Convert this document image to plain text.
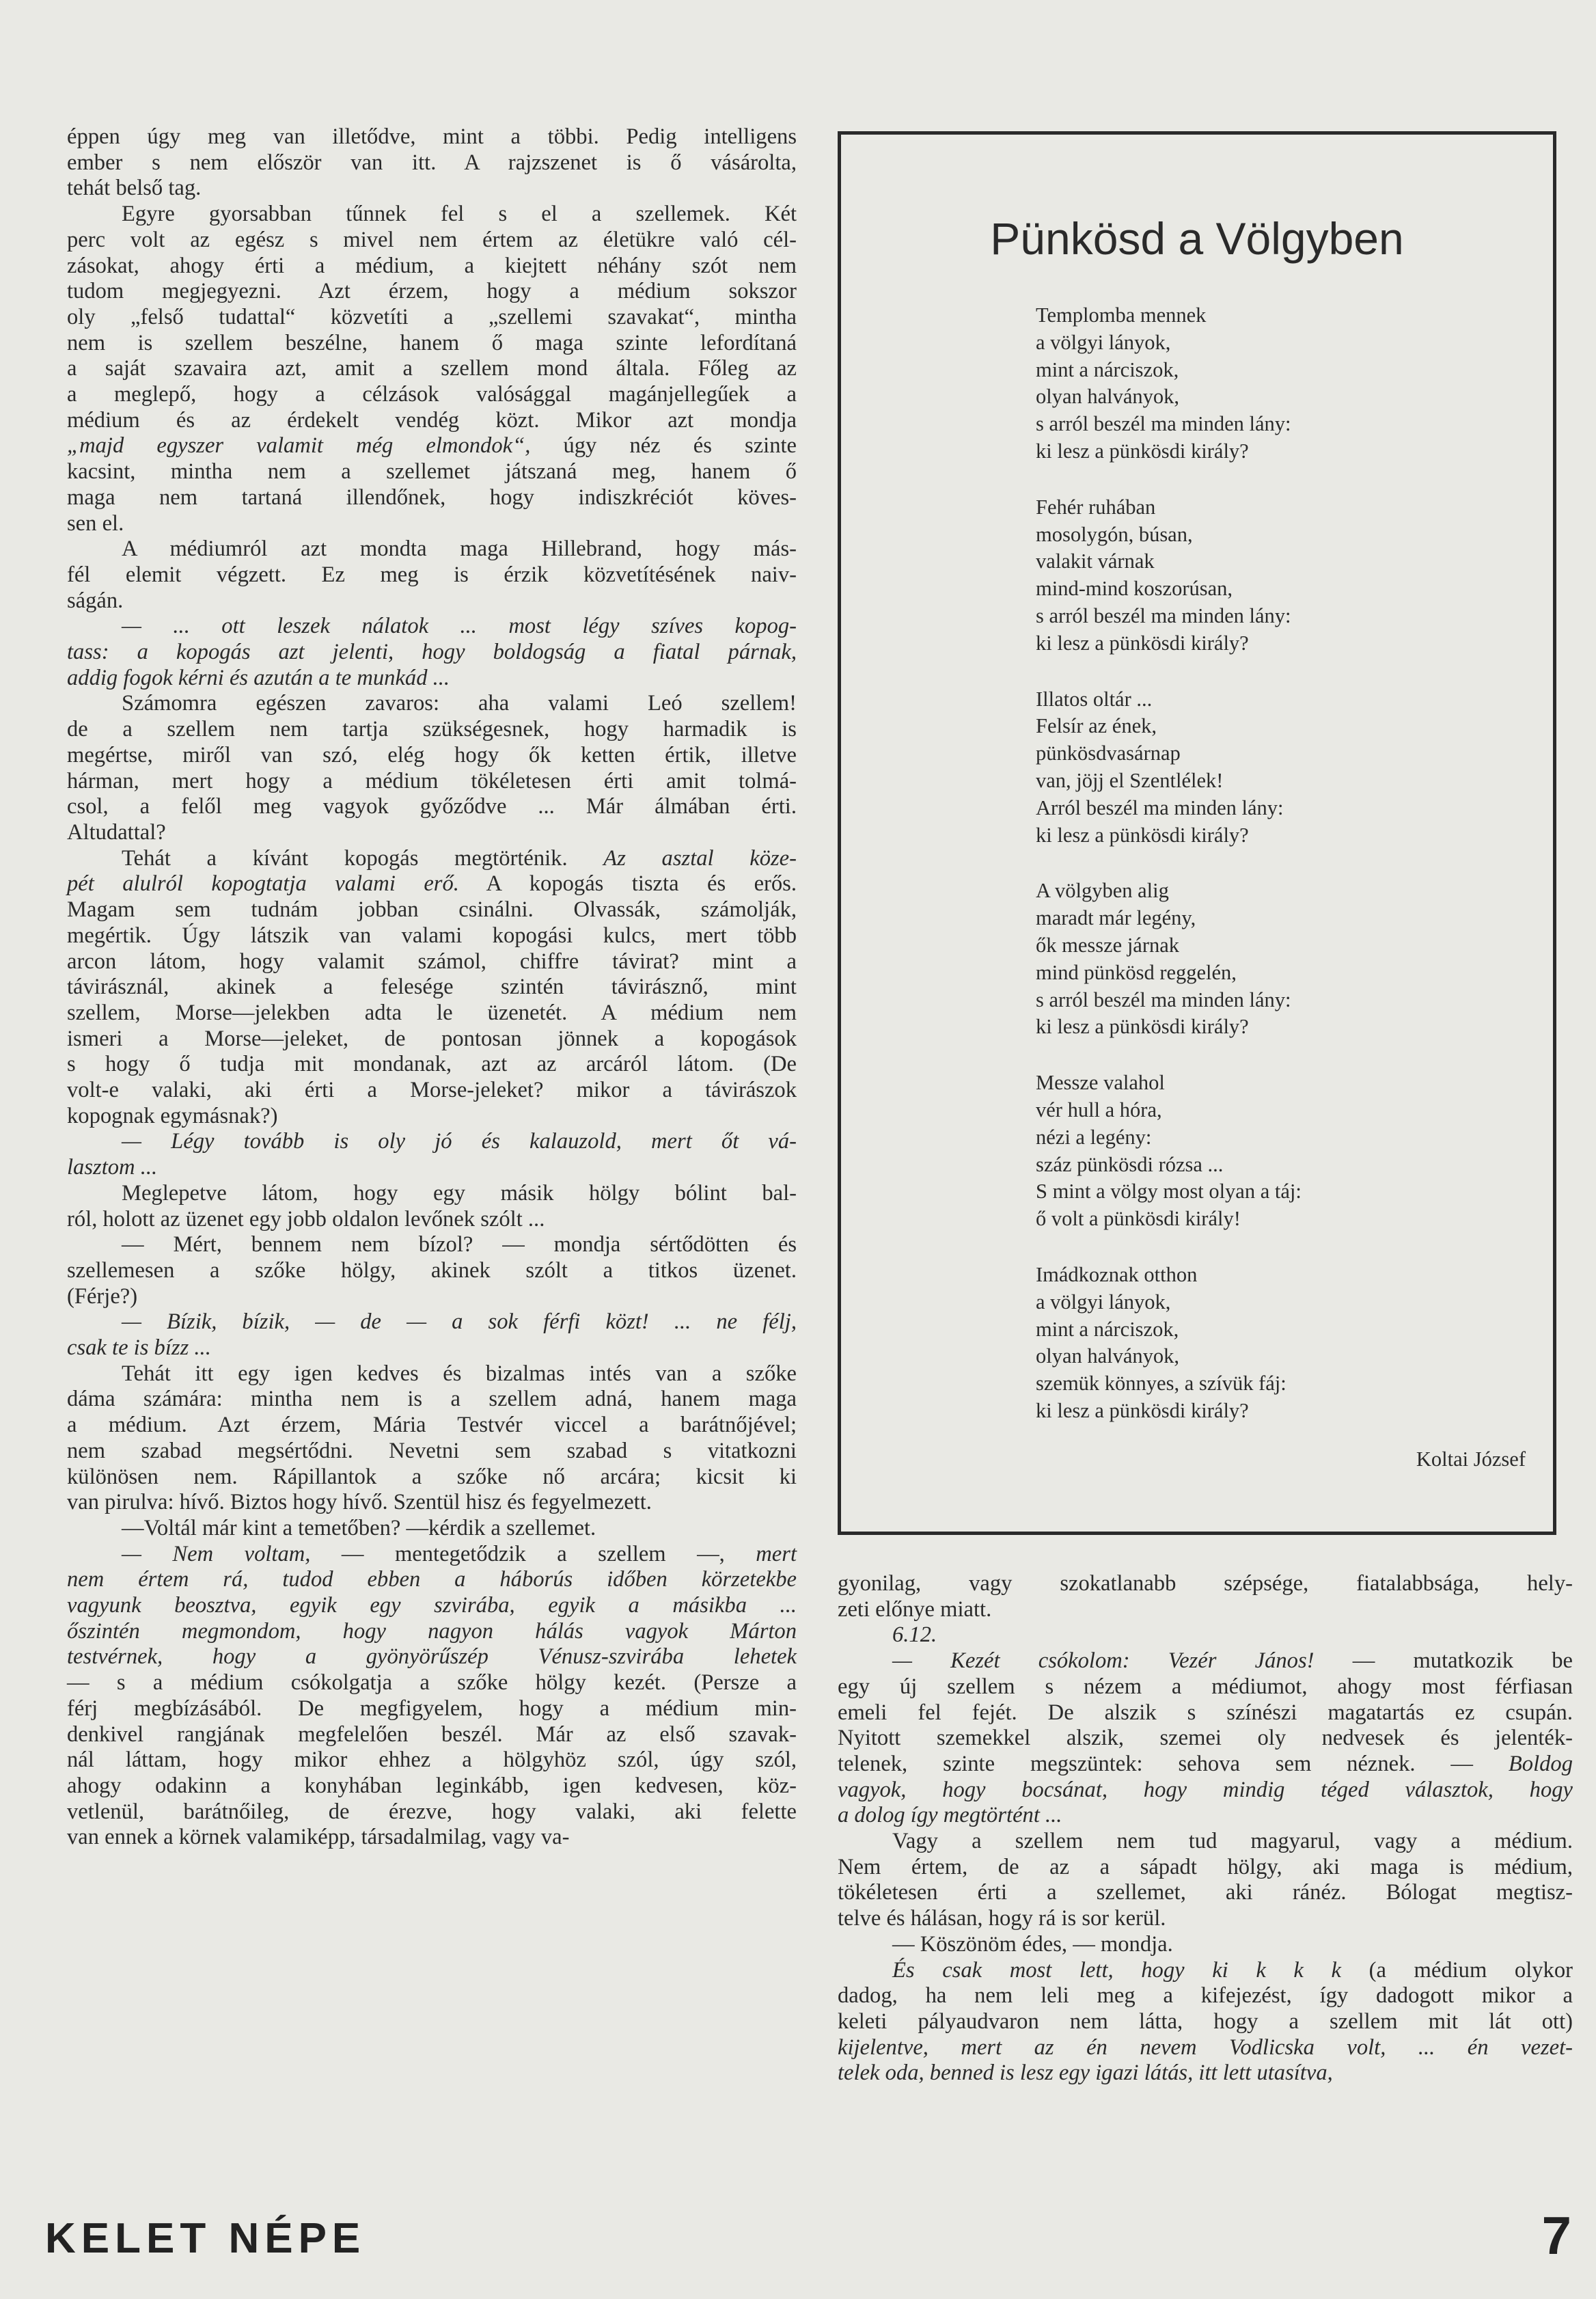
éppen úgy meg van illetődve, mint a többi. Pedig intelligens
ember s nem először van itt. A rajzszenet is ő vásárolta,
tehát belső tag.

Egyre gyorsabban tűnnek fel s el a szellemek. Két
perc volt az egész s mivel nem értem az életükre való cél-
zásokat, ahogy érti a médium, a kiejtett néhány szót nem
tudom megjegyezni. Azt érzem, hogy a médium sokszor
oly „felső tudattal“ közvetíti a „szellemi szavakat“, mintha
nem is szellem beszélne, hanem ő maga szinte lefordítaná
a saját szavaira azt, amit a szellem mond általa. Főleg az
a meglepő, hogy a célzások valósággal magánjellegűek a
médium és az érdekelt vendég közt. Mikor azt mondja
„majd egyszer valamit még elmondok“, úgy néz és szinte
kacsint, mintha nem a szellemet játszaná meg, hanem ő
maga nem tartaná illendőnek, hogy indiszkréciót köves-
sen el.

A médiumról azt mondta maga Hillebrand, hogy más-
fél elemit végzett. Ez meg is érzik közvetítésének naiv-
ságán.

— ... ott leszek nálatok ... most légy szíves kopog-
tass: a kopogás azt jelenti, hogy boldogság a fiatal párnak,
addig fogok kérni és azután a te munkád ...

Számomra egészen zavaros: aha valami Leó szellem!
de a szellem nem tartja szükségesnek, hogy harmadik is
megértse, miről van szó, elég hogy ők ketten értik, illetve
hárman, mert hogy a médium tökéletesen érti amit tolmá-
csol, a felől meg vagyok győződve ... Már álmában érti.
Altudattal?

Tehát a kívánt kopogás megtörténik. Az asztal köze-
pét alulról kopogtatja valami erő. A kopogás tiszta és erős.
Magam sem tudnám jobban csinálni. Olvassák, számolják,
megértik. Úgy látszik van valami kopogási kulcs, mert több
arcon látom, hogy valamit számol, chiffre távirat? mint a
távirásznál, akinek a felesége szintén távirásznő, mint
szellem, Morse—jelekben adta le üzenetét. A médium nem
ismeri a Morse—jeleket, de pontosan jönnek a kopogások
s hogy ő tudja mit mondanak, azt az arcáról látom. (De
volt-e valaki, aki érti a Morse-jeleket? mikor a távirászok
kopognak egymásnak?)

— Légy tovább is oly jó és kalauzold, mert őt vá-
lasztom ...

Meglepetve látom, hogy egy másik hölgy bólint bal-
ról, holott az üzenet egy jobb oldalon levőnek szólt ...

— Mért, bennem nem bízol? — mondja sértődötten és
szellemesen a szőke hölgy, akinek szólt a titkos üzenet.
(Férje?)

— Bízik, bízik, — de — a sok férfi közt! ... ne félj,
csak te is bízz ...

Tehát itt egy igen kedves és bizalmas intés van a szőke
dáma számára: mintha nem is a szellem adná, hanem maga
a médium. Azt érzem, Mária Testvér viccel a barátnőjével;
nem szabad megsértődni. Nevetni sem szabad s vitatkozni
különösen nem. Rápillantok a szőke nő arcára; kicsit ki
van pirulva: hívő. Biztos hogy hívő. Szentül hisz és fegyelmezett.

—Voltál már kint a temetőben? —kérdik a szellemet.

— Nem voltam, — mentegetődzik a szellem —, mert
nem értem rá, tudod ebben a háborús időben körzetekbe
vagyunk beosztva, egyik egy szvirába, egyik a másikba ...
őszintén megmondom, hogy nagyon hálás vagyok Márton
testvérnek, hogy a gyönyörűszép Vénusz-szvirába lehetek
— s a médium csókolgatja a szőke hölgy kezét. (Persze a
férj megbízásából. De megfigyelem, hogy a médium min-
denkivel rangjának megfelelően beszél. Már az első szavak-
nál láttam, hogy mikor ehhez a hölgyhöz szól, úgy szól,
ahogy odakinn a konyhában leginkább, igen kedvesen, köz-
vetlenül, barátnőileg, de érezve, hogy valaki, aki felette
van ennek a körnek valamiképp, társadalmilag, vagy va-

Pünkösd a Völgyben
Templomba mennek
a völgyi lányok,
mint a nárciszok,
olyan halványok,
s arról beszél ma minden lány:
ki lesz a pünkösdi király?
Fehér ruhában
mosolygón, búsan,
valakit várnak
mind-mind koszorúsan,
s arról beszél ma minden lány:
ki lesz a pünkösdi király?
Illatos oltár ...
Felsír az ének,
pünkösdvasárnap
van, jöjj el Szentlélek!
Arról beszél ma minden lány:
ki lesz a pünkösdi király?
A völgyben alig
maradt már legény,
ők messze járnak
mind pünkösd reggelén,
s arról beszél ma minden lány:
ki lesz a pünkösdi király?
Messze valahol
vér hull a hóra,
nézi a legény:
száz pünkösdi rózsa ...
S mint a völgy most olyan a táj:
ő volt a pünkösdi király!
Imádkoznak otthon
a völgyi lányok,
mint a nárciszok,
olyan halványok,
szemük könnyes, a szívük fáj:
ki lesz a pünkösdi király?

Koltai József

gyonilag, vagy szokatlanabb szépsége, fiatalabbsága, hely-
zeti előnye miatt.

6.12.

— Kezét csókolom: Vezér János! — mutatkozik be
egy új szellem s nézem a médiumot, ahogy most férfiasan
emeli fel fejét. De alszik s színészi magatartás ez csupán.
Nyitott szemekkel alszik, szemei oly nedvesek és jelenték-
telenek, szinte megszüntek: sehova sem néznek. — Boldog
vagyok, hogy bocsánat, hogy mindig téged választok, hogy
a dolog így megtörtént ...

Vagy a szellem nem tud magyarul, vagy a médium.
Nem értem, de az a sápadt hölgy, aki maga is médium,
tökéletesen érti a szellemet, aki ránéz. Bólogat megtisz-
telve és hálásan, hogy rá is sor kerül.

— Köszönöm édes, — mondja.

És csak most lett, hogy ki k k k (a médium olykor
dadog, ha nem leli meg a kifejezést, így dadogott mikor a
keleti pályaudvaron nem látta, hogy a szellem mit lát ott)
kijelentve, mert az én nevem Vodlicska volt, ... én vezet-
telek oda, benned is lesz egy igazi látás, itt lett utasítva,

KELET NÉPE	7
